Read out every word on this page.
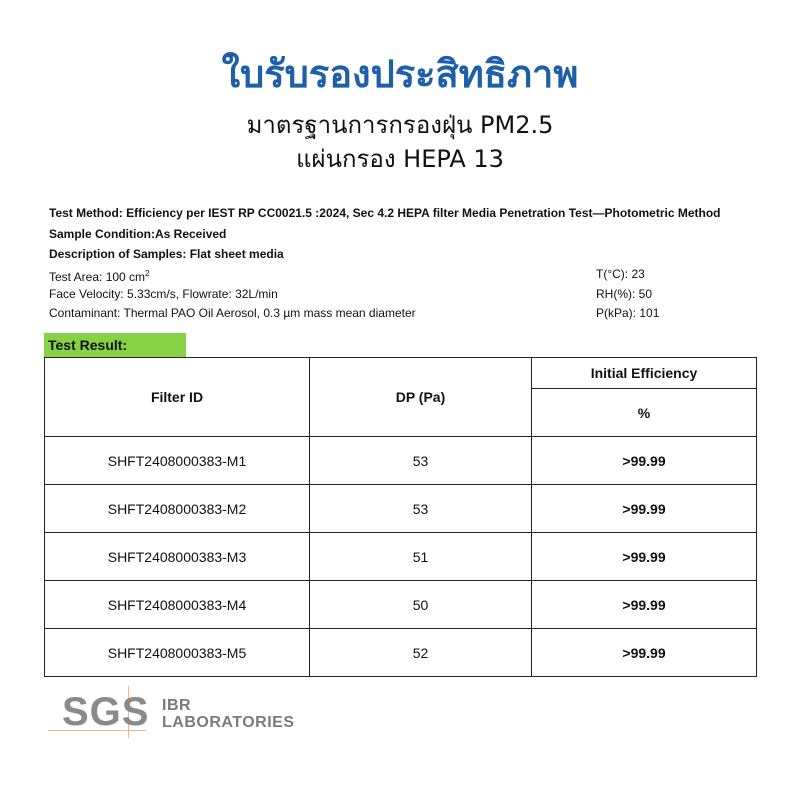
ใบรับรองประสิทธิภาพ
มาตรฐานการกรองฝุ่น PM2.5
แผ่นกรอง HEPA 13
Test Method: Efficiency per IEST RP CC0021.5 :2024, Sec 4.2 HEPA filter Media Penetration Test—Photometric Method
Sample Condition:As Received
Description of Samples: Flat sheet media
Test Area: 100 $cm^2$
Face Velocity: 5.33cm/s, Flowrate: 32L/min
Contaminant: Thermal PAO Oil Aerosol, 0.3 µm mass mean diameter
T(°C): 23
RH(%): 50
P(kPa): 101
Test Result:
Filter ID	DP (Pa)	Initial Efficiency
		%
SHFT2408000383-M1	53	>99.99
SHFT2408000383-M2	53	>99.99
SHFT2408000383-M3	51	>99.99
SHFT2408000383-M4	50	>99.99
SHFT2408000383-M5	52	>99.99
SGS IBR
LABORATORIES
